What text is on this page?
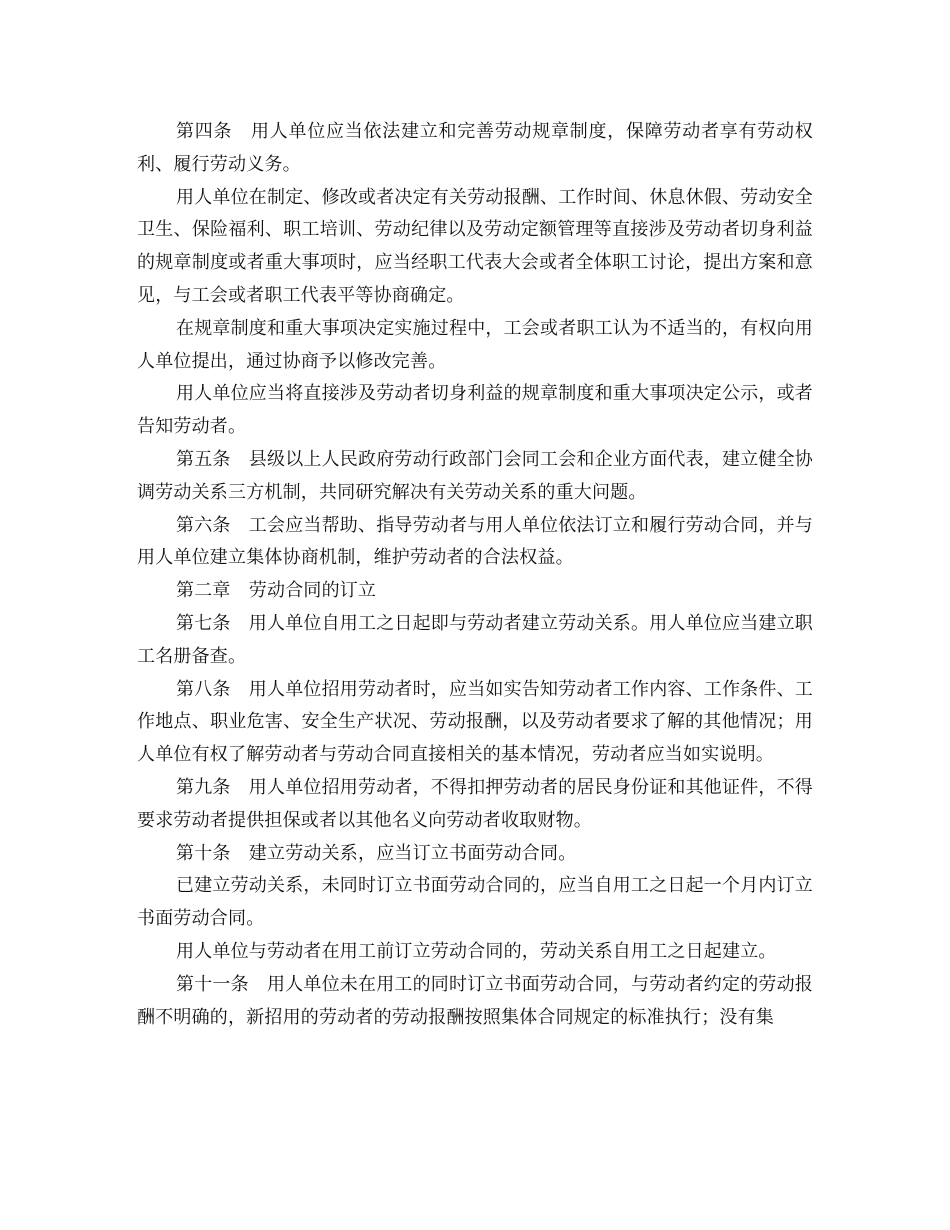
第四条　用人单位应当依法建立和完善劳动规章制度，保障劳动者享有劳动权利、履行劳动义务。

用人单位在制定、修改或者决定有关劳动报酬、工作时间、休息休假、劳动安全卫生、保险福利、职工培训、劳动纪律以及劳动定额管理等直接涉及劳动者切身利益的规章制度或者重大事项时，应当经职工代表大会或者全体职工讨论，提出方案和意见，与工会或者职工代表平等协商确定。

在规章制度和重大事项决定实施过程中，工会或者职工认为不适当的，有权向用人单位提出，通过协商予以修改完善。

用人单位应当将直接涉及劳动者切身利益的规章制度和重大事项决定公示，或者告知劳动者。

第五条　县级以上人民政府劳动行政部门会同工会和企业方面代表，建立健全协调劳动关系三方机制，共同研究解决有关劳动关系的重大问题。

第六条　工会应当帮助、指导劳动者与用人单位依法订立和履行劳动合同，并与用人单位建立集体协商机制，维护劳动者的合法权益。

第二章　劳动合同的订立

第七条　用人单位自用工之日起即与劳动者建立劳动关系。用人单位应当建立职工名册备查。

第八条　用人单位招用劳动者时，应当如实告知劳动者工作内容、工作条件、工作地点、职业危害、安全生产状况、劳动报酬，以及劳动者要求了解的其他情况；用人单位有权了解劳动者与劳动合同直接相关的基本情况，劳动者应当如实说明。

第九条　用人单位招用劳动者，不得扣押劳动者的居民身份证和其他证件，不得要求劳动者提供担保或者以其他名义向劳动者收取财物。

第十条　建立劳动关系，应当订立书面劳动合同。

已建立劳动关系，未同时订立书面劳动合同的，应当自用工之日起一个月内订立书面劳动合同。

用人单位与劳动者在用工前订立劳动合同的，劳动关系自用工之日起建立。

第十一条　用人单位未在用工的同时订立书面劳动合同，与劳动者约定的劳动报酬不明确的，新招用的劳动者的劳动报酬按照集体合同规定的标准执行；没有集
